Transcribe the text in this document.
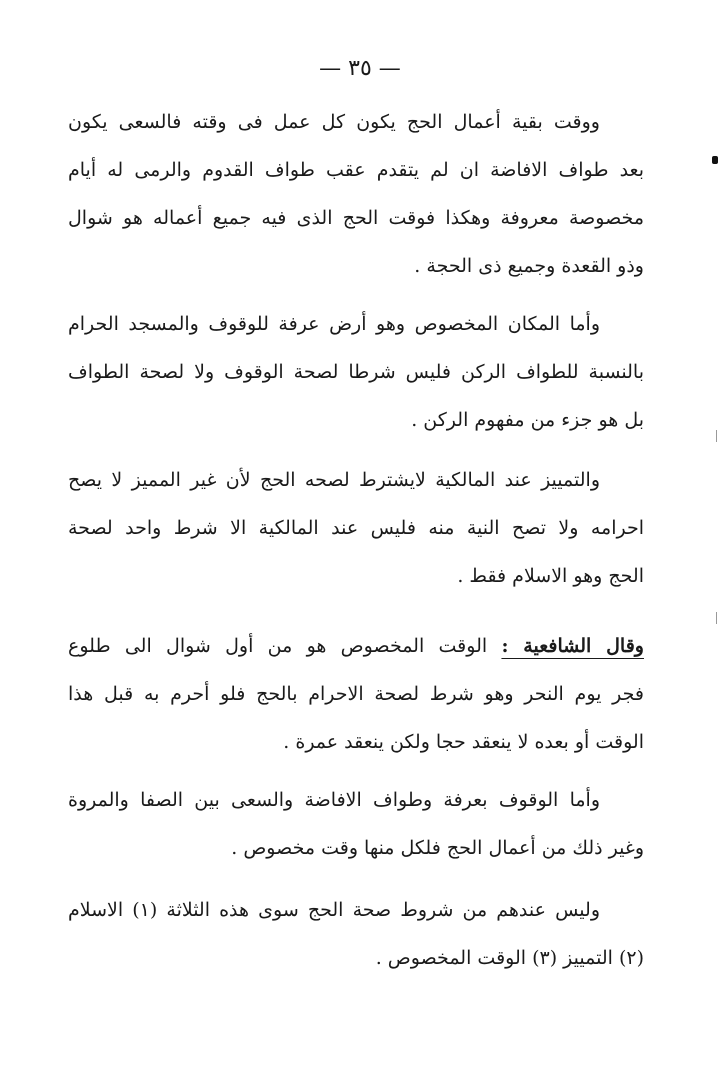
— ٣٥ —
ووقت بقية أعمال الحج يكون كل عمل فى وقته فالسعى يكون
بعد طواف الافاضة ان لم يتقدم عقب طواف القدوم والرمى له أيام
مخصوصة معروفة وهكذا فوقت الحج الذى فيه جميع أعماله هو شوال
وذو القعدة وجميع ذى الحجة .
وأما المكان المخصوص وهو أرض عرفة للوقوف والمسجد الحرام
بالنسبة للطواف الركن فليس شرطا لصحة الوقوف ولا لصحة الطواف
بل هو جزء من مفهوم الركن .
والتمييز عند المالكية لايشترط لصحه الحج لأن غير المميز لا يصح
احرامه ولا تصح النية منه فليس عند المالكية الا شرط واحد لصحة
الحج وهو الاسلام فقط .
وقال الشافعية : الوقت المخصوص هو من أول شوال الى طلوع
فجر يوم النحر وهو شرط لصحة الاحرام بالحج فلو أحرم به قبل هذا
الوقت أو بعده لا ينعقد حجا ولكن ينعقد عمرة .
وأما الوقوف بعرفة وطواف الافاضة والسعى بين الصفا والمروة
وغير ذلك من أعمال الحج فلكل منها وقت مخصوص .
وليس عندهم من شروط صحة الحج سوى هذه الثلاثة (١) الاسلام
(٢) التمييز (٣) الوقت المخصوص .
